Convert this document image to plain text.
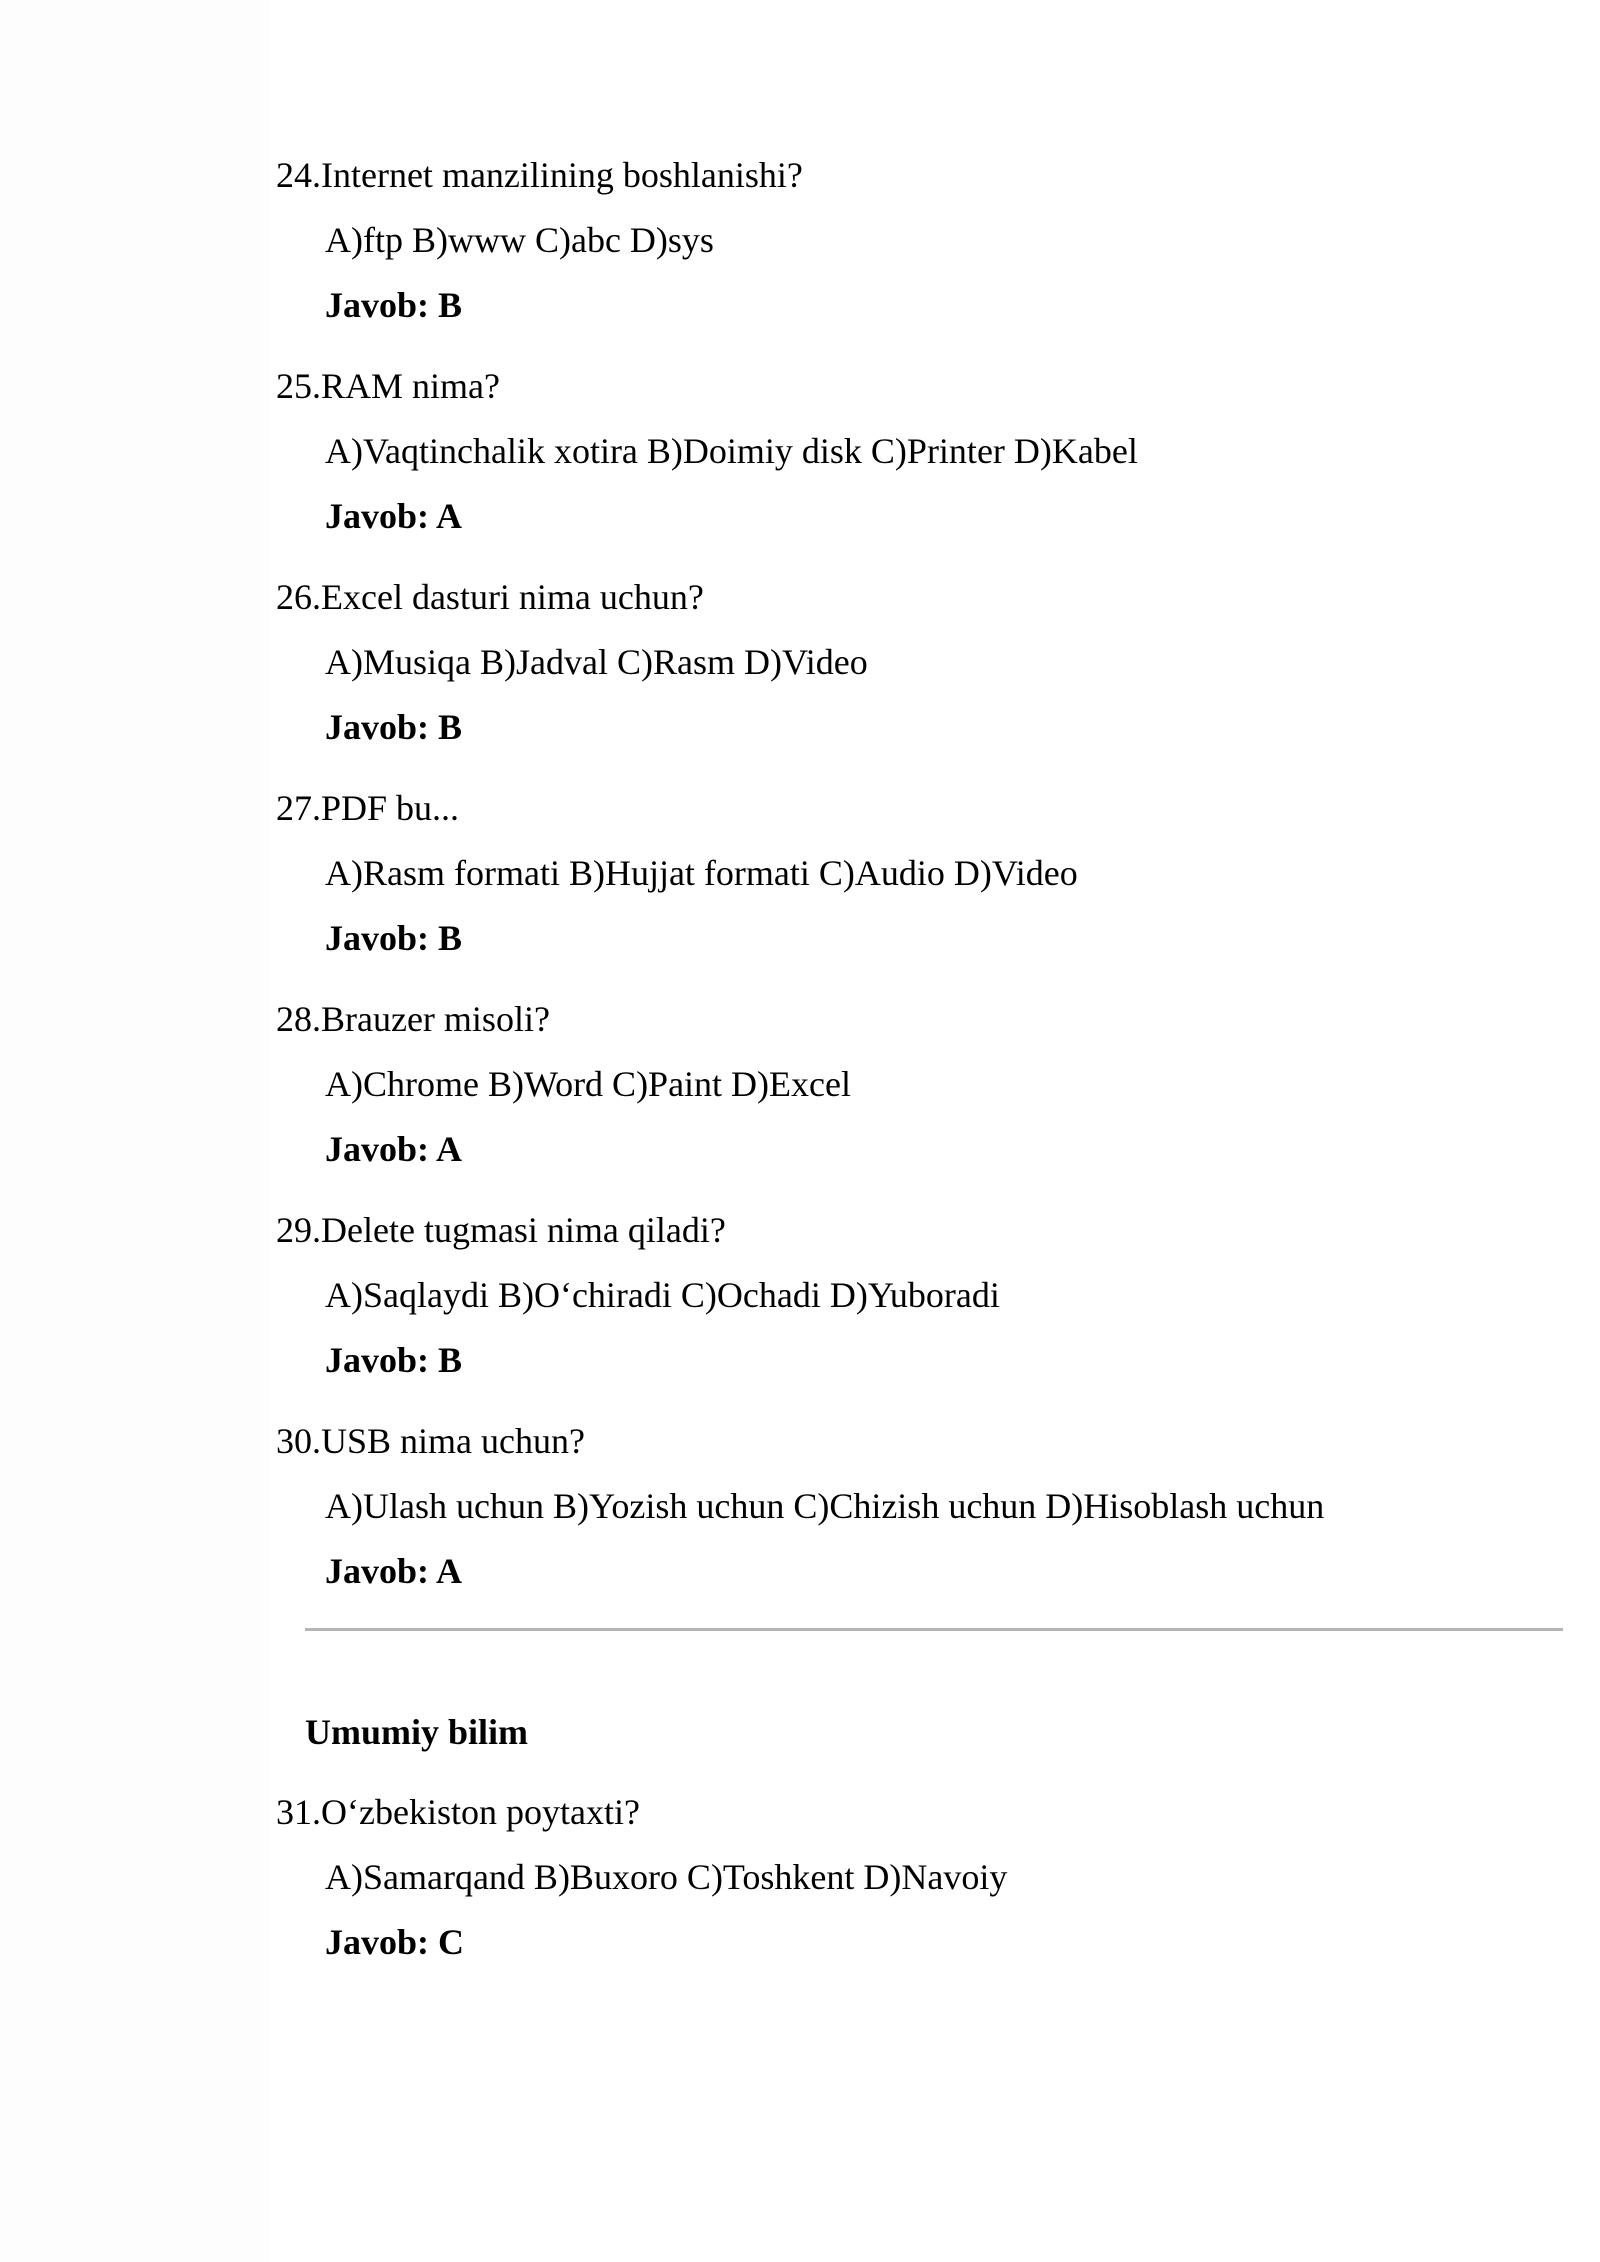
24.Internet manzilining boshlanishi?
A)ftp B)www C)abc D)sys
Javob: B
25.RAM nima?
A)Vaqtinchalik xotira B)Doimiy disk C)Printer D)Kabel
Javob: A
26.Excel dasturi nima uchun?
A)Musiqa B)Jadval C)Rasm D)Video
Javob: B
27.PDF bu...
A)Rasm formati B)Hujjat formati C)Audio D)Video
Javob: B
28.Brauzer misoli?
A)Chrome B)Word C)Paint D)Excel
Javob: A
29.Delete tugmasi nima qiladi?
A)Saqlaydi B)O‘chiradi C)Ochadi D)Yuboradi
Javob: B
30.USB nima uchun?
A)Ulash uchun B)Yozish uchun C)Chizish uchun D)Hisoblash uchun
Javob: A
Umumiy bilim
31.O‘zbekiston poytaxti?
A)Samarqand B)Buxoro C)Toshkent D)Navoiy
Javob: C
